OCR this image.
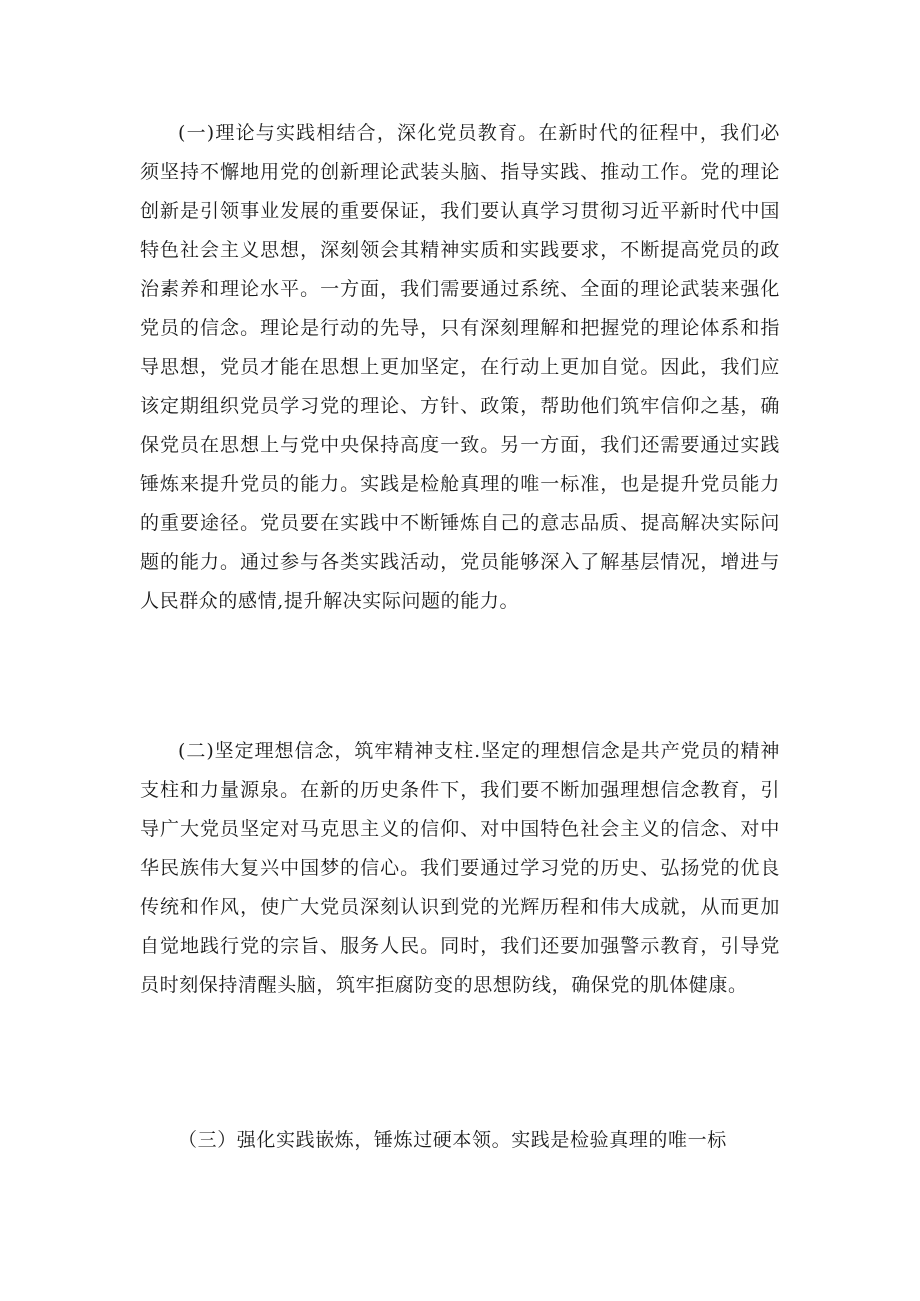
(一)理论与实践相结合，深化党员教育。在新时代的征程中，我们必须坚持不懈地用党的创新理论武装头脑、指导实践、推动工作。党的理论创新是引领事业发展的重要保证，我们要认真学习贯彻习近平新时代中国特色社会主义思想，深刻领会其精神实质和实践要求，不断提高党员的政治素养和理论水平。一方面，我们需要通过系统、全面的理论武装来强化党员的信念。理论是行动的先导，只有深刻理解和把握党的理论体系和指导思想，党员才能在思想上更加坚定，在行动上更加自觉。因此，我们应该定期组织党员学习党的理论、方针、政策，帮助他们筑牢信仰之基，确保党员在思想上与党中央保持高度一致。另一方面，我们还需要通过实践锤炼来提升党员的能力。实践是检舱真理的唯一标准，也是提升党员能力的重要途径。党员要在实践中不断锤炼自己的意志品质、提高解决实际问题的能力。通过参与各类实践活动，党员能够深入了解基层情况，增进与人民群众的感情,提升解决实际问题的能力。

(二)坚定理想信念，筑牢精神支柱.坚定的理想信念是共产党员的精神支柱和力量源泉。在新的历史条件下，我们要不断加强理想信念教育，引导广大党员坚定对马克思主义的信仰、对中国特色社会主义的信念、对中华民族伟大复兴中国梦的信心。我们要通过学习党的历史、弘扬党的优良传统和作风，使广大党员深刻认识到党的光辉历程和伟大成就，从而更加自觉地践行党的宗旨、服务人民。同时，我们还要加强警示教育，引导党员时刻保持清醒头脑，筑牢拒腐防变的思想防线，确保党的肌体健康。

（三）强化实践嵌炼，锤炼过硬本领。实践是检验真理的唯一标
